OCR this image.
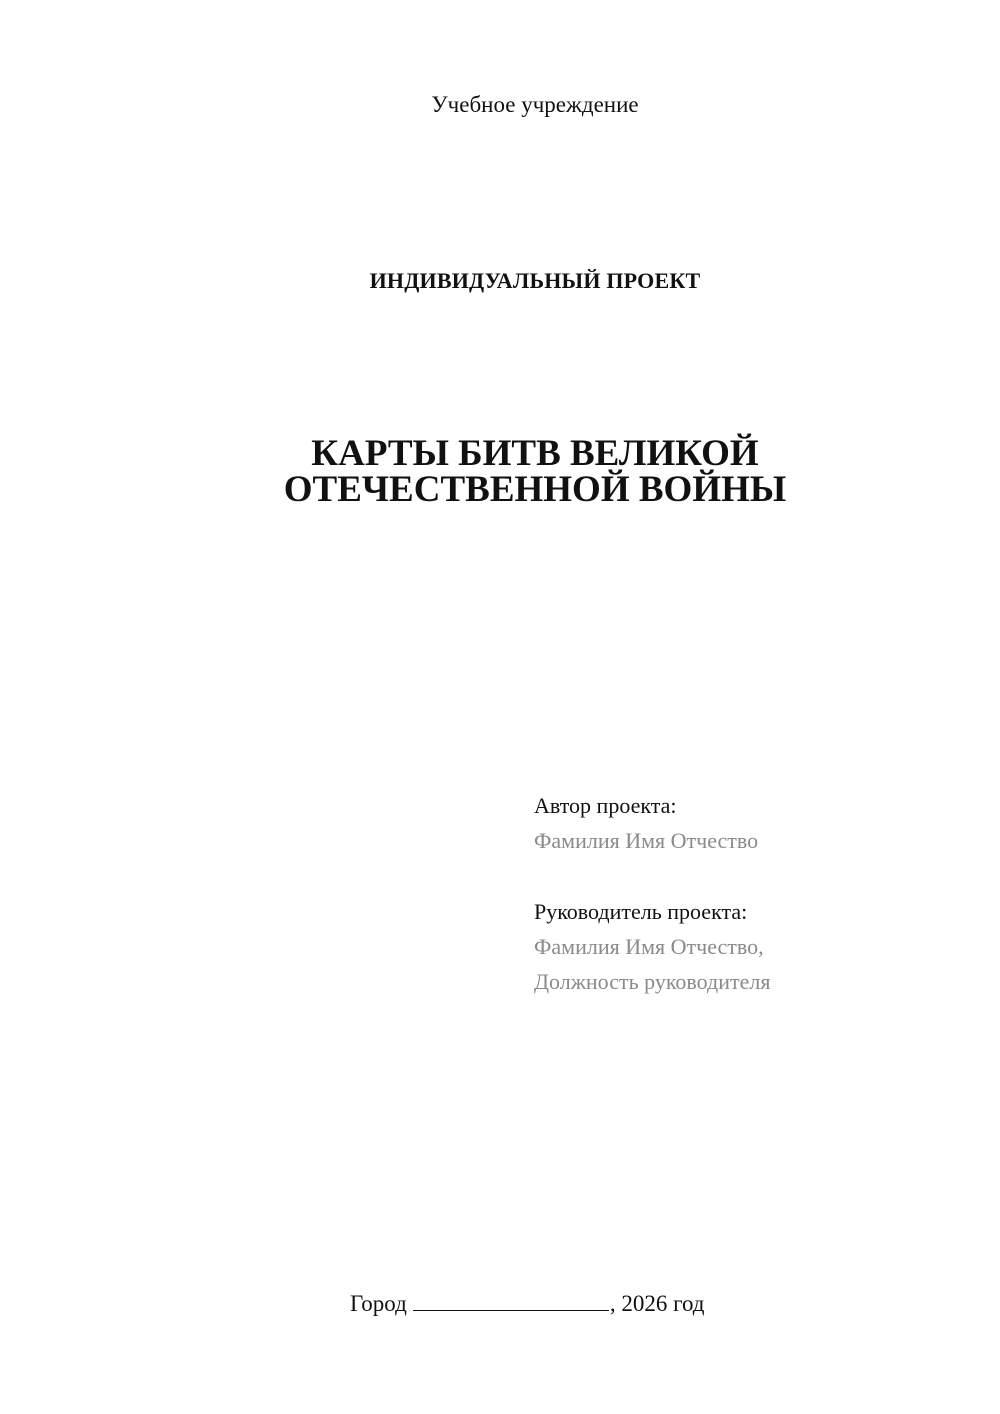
Учебное учреждение
ИНДИВИДУАЛЬНЫЙ ПРОЕКТ
КАРТЫ БИТВ ВЕЛИКОЙ
ОТЕЧЕСТВЕННОЙ ВОЙНЫ
Автор проекта:
Фамилия Имя Отчество
Руководитель проекта:
Фамилия Имя Отчество,
Должность руководителя
Город	, 2026 год
